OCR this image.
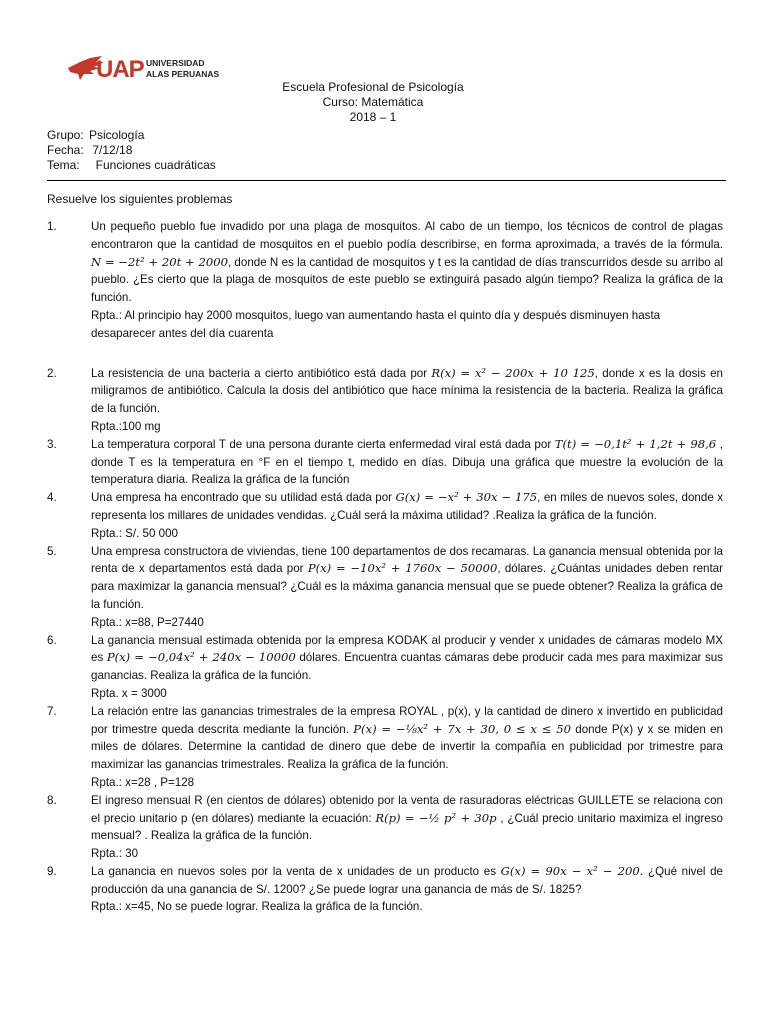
UAP UNIVERSIDAD
ALAS PERUANAS
Escuela Profesional de Psicología
Curso: Matemática
2018 – 1
Grupo: Psicología
Fecha:
7/12/18
Tema:
	Funciones cuadráticas
Resuelve los siguientes problemas
1.	Un pequeño pueblo fue invadido por una plaga de mosquitos. Al cabo de un tiempo, los técnicos de control de plagas encontraron que la cantidad de mosquitos en el pueblo podía describirse, en forma aproximada, a través de la fórmula. N = −2t² + 20t + 2000, donde N es la cantidad de mosquitos y t es la cantidad de días transcurridos desde su arribo al pueblo. ¿Es cierto que la plaga de mosquitos de este pueblo se extinguirá pasado algún tiempo? Realiza la gráfica de la función.
Rpta.: Al principio hay 2000 mosquitos, luego van aumentando hasta el quinto día y después disminuyen hasta desaparecer antes del día cuarenta
2.	La resistencia de una bacteria a cierto antibiótico está dada por R(x) = x² − 200x + 10 125, donde x es la dosis en miligramos de antibiótico. Calcula la dosis del antibiótico que hace mínima la resistencia de la bacteria. Realiza la gráfica de la función.
Rpta.:100 mg
3.	La temperatura corporal T de una persona durante cierta enfermedad viral está dada por T(t) = −0,1t² + 1,2t + 98,6 , donde T es la temperatura en °F en el tiempo t, medido en días. Dibuja una gráfica que muestre la evolución de la temperatura diaria. Realiza la gráfica de la función
4.	Una empresa ha encontrado que su utilidad está dada por G(x) = −x² + 30x − 175, en miles de nuevos soles, donde x representa los millares de unidades vendidas. ¿Cuál será la máxima utilidad? .Realiza la gráfica de la función.
Rpta.: S/. 50 000
5.	Una empresa constructora de viviendas, tiene 100 departamentos de dos recamaras. La ganancia mensual obtenida por la renta de x departamentos está dada por P(x) = −10x² + 1760x − 50000, dólares. ¿Cuántas unidades deben rentar para maximizar la ganancia mensual? ¿Cuál es la máxima ganancia mensual que se puede obtener? Realiza la gráfica de la función.
Rpta.: x=88, P=27440
6.	La ganancia mensual estimada obtenida por la empresa KODAK al producir y vender x unidades de cámaras modelo MX es P(x) = −0,04x² + 240x − 10000 dólares. Encuentra cuantas cámaras debe producir cada mes para maximizar sus ganancias. Realiza la gráfica de la función.
Rpta. x = 3000
7.	La relación entre las ganancias trimestrales de la empresa ROYAL , p(x), y la cantidad de dinero x invertido en publicidad por trimestre queda descrita mediante la función. P(x) = −⅛x² + 7x + 30, 0 ≤ x ≤ 50 donde P(x) y x se miden en miles de dólares. Determine la cantidad de dinero que debe de invertir la compañía en publicidad por trimestre para maximizar las ganancias trimestrales. Realiza la gráfica de la función.
Rpta.: x=28 , P=128
8.	El ingreso mensual R (en cientos de dólares) obtenido por la venta de rasuradoras eléctricas GUILLETE se relaciona con el precio unitario p (en dólares) mediante la ecuación: R(p) = −½ p² + 30p , ¿Cuál precio unitario maximiza el ingreso mensual? . Realiza la gráfica de la función.
Rpta.: 30
9.	La ganancia en nuevos soles por la venta de x unidades de un producto es G(x) = 90x − x² − 200. ¿Qué nivel de producción da una ganancia de S/. 1200? ¿Se puede lograr una ganancia de más de S/. 1825?
Rpta.: x=45, No se puede lograr. Realiza la gráfica de la función.
